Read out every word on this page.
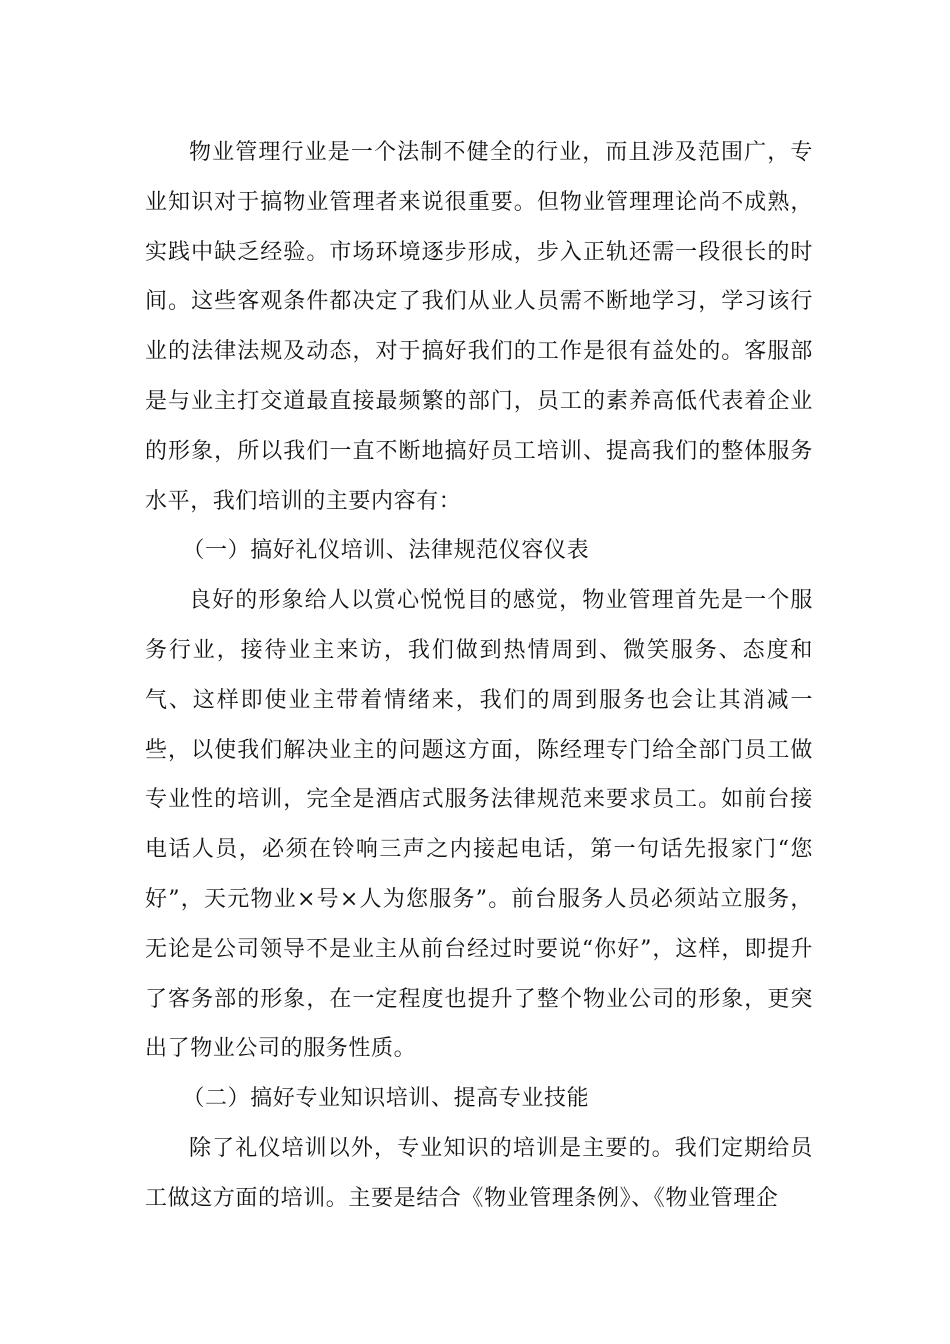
物业管理行业是一个法制不健全的行业，而且涉及范围广，专业知识对于搞物业管理者来说很重要。但物业管理理论尚不成熟，实践中缺乏经验。市场环境逐步形成，步入正轨还需一段很长的时间。这些客观条件都决定了我们从业人员需不断地学习，学习该行业的法律法规及动态，对于搞好我们的工作是很有益处的。客服部是与业主打交道最直接最频繁的部门，员工的素养高低代表着企业的形象，所以我们一直不断地搞好员工培训、提高我们的整体服务水平，我们培训的主要内容有：

（一）搞好礼仪培训、法律规范仪容仪表

良好的形象给人以赏心悦悦目的感觉，物业管理首先是一个服务行业，接待业主来访，我们做到热情周到、微笑服务、态度和气、这样即使业主带着情绪来，我们的周到服务也会让其消减一些，以使我们解决业主的问题这方面，陈经理专门给全部门员工做专业性的培训，完全是酒店式服务法律规范来要求员工。如前台接电话人员，必须在铃响三声之内接起电话，第一句话先报家门“您好”，天元物业×号×人为您服务”。前台服务人员必须站立服务，无论是公司领导不是业主从前台经过时要说“你好”，这样，即提升了客务部的形象，在一定程度也提升了整个物业公司的形象，更突出了物业公司的服务性质。

（二）搞好专业知识培训、提高专业技能

除了礼仪培训以外，专业知识的培训是主要的。我们定期给员工做这方面的培训。主要是结合《物业管理条例》、《物业管理企
